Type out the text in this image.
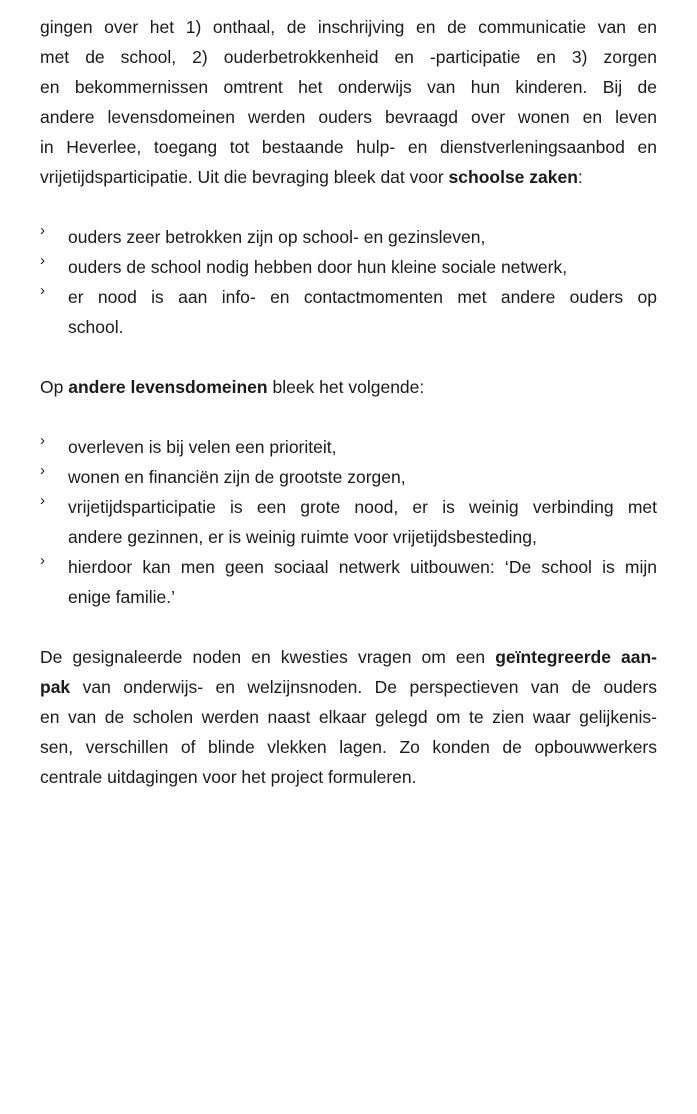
gingen over het 1) onthaal, de inschrijving en de communicatie van en
met de school, 2) ouderbetrokkenheid en -participatie en 3) zorgen
en bekommernissen omtrent het onderwijs van hun kinderen. Bij de
andere levensdomeinen werden ouders bevraagd over wonen en leven
in Heverlee, toegang tot bestaande hulp- en dienstverleningsaanbod en
vrijetijdsparticipatie. Uit die bevraging bleek dat voor schoolse zaken:
› ouders zeer betrokken zijn op school- en gezinsleven,
› ouders de school nodig hebben door hun kleine sociale netwerk,
› er nood is aan info- en contactmomenten met andere ouders op
school.
Op andere levensdomeinen bleek het volgende:
› overleven is bij velen een prioriteit,
› wonen en financiën zijn de grootste zorgen,
› vrijetijdsparticipatie is een grote nood, er is weinig verbinding met
andere gezinnen, er is weinig ruimte voor vrijetijdsbesteding,
› hierdoor kan men geen sociaal netwerk uitbouwen: ‘De school is mijn
enige familie.’
De gesignaleerde noden en kwesties vragen om een geïntegreerde aan-
pak van onderwijs- en welzijnsnoden. De perspectieven van de ouders
en van de scholen werden naast elkaar gelegd om te zien waar gelijkenis-
sen, verschillen of blinde vlekken lagen. Zo konden de opbouwwerkers
centrale uitdagingen voor het project formuleren.
